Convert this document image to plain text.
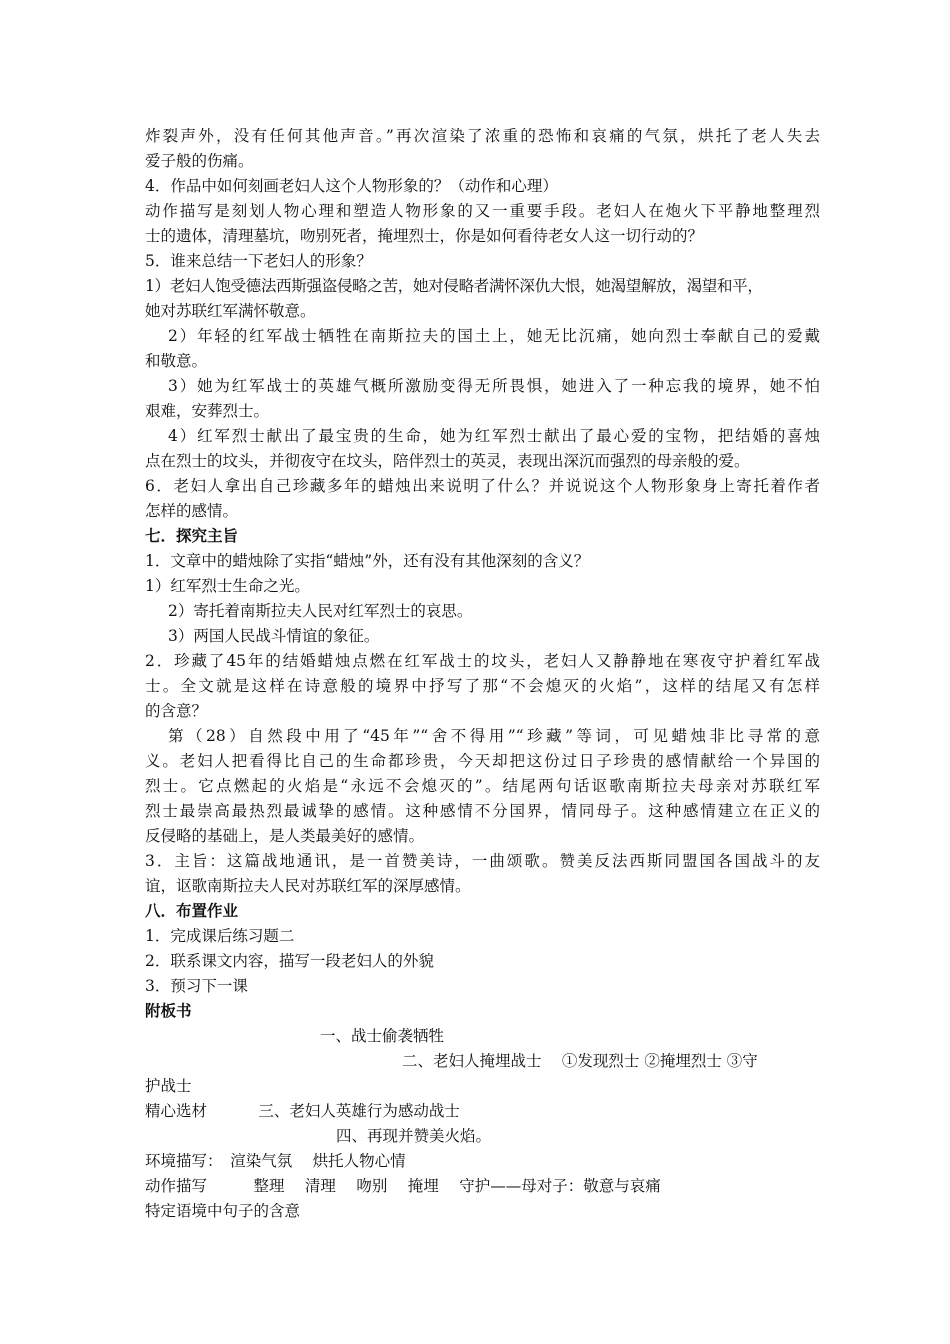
炸裂声外，没有任何其他声音。”再次渲染了浓重的恐怖和哀痛的气氛，烘托了老人失去
爱子般的伤痛。
4．作品中如何刻画老妇人这个人物形象的？（动作和心理）
动作描写是刻划人物心理和塑造人物形象的又一重要手段。老妇人在炮火下平静地整理烈
士的遗体，清理墓坑，吻别死者，掩埋烈士，你是如何看待老女人这一切行动的？
5．谁来总结一下老妇人的形象？
1）老妇人饱受德法西斯强盗侵略之苦，她对侵略者满怀深仇大恨，她渴望解放，渴望和平，
她对苏联红军满怀敬意。
2）年轻的红军战士牺牲在南斯拉夫的国土上，她无比沉痛，她向烈士奉献自己的爱戴
和敬意。
3）她为红军战士的英雄气概所激励变得无所畏惧，她进入了一种忘我的境界，她不怕
艰难，安葬烈士。
4）红军烈士献出了最宝贵的生命，她为红军烈士献出了最心爱的宝物，把结婚的喜烛
点在烈士的坟头，并彻夜守在坟头，陪伴烈士的英灵，表现出深沉而强烈的母亲般的爱。
6．老妇人拿出自己珍藏多年的蜡烛出来说明了什么？并说说这个人物形象身上寄托着作者
怎样的感情。
七．探究主旨
1．文章中的蜡烛除了实指“蜡烛”外，还有没有其他深刻的含义？
1）红军烈士生命之光。
2）寄托着南斯拉夫人民对红军烈士的哀思。
3）两国人民战斗情谊的象征。
2．珍藏了45年的结婚蜡烛点燃在红军战士的坟头，老妇人又静静地在寒夜守护着红军战
士。全文就是这样在诗意般的境界中抒写了那“不会熄灭的火焰”，这样的结尾又有怎样
的含意？
第（28）自然段中用了“45年”“舍不得用”“珍藏”等词，可见蜡烛非比寻常的意
义。老妇人把看得比自己的生命都珍贵，今天却把这份过日子珍贵的感情献给一个异国的
烈士。它点燃起的火焰是“永远不会熄灭的”。结尾两句话讴歌南斯拉夫母亲对苏联红军
烈士最崇高最热烈最诚挚的感情。这种感情不分国界，情同母子。这种感情建立在正义的
反侵略的基础上，是人类最美好的感情。
3．主旨：这篇战地通讯，是一首赞美诗，一曲颂歌。赞美反法西斯同盟国各国战斗的友
谊，讴歌南斯拉夫人民对苏联红军的深厚感情。
八．布置作业
1．完成课后练习题二
2．联系课文内容，描写一段老妇人的外貌
3．预习下一课
附板书
一、战士偷袭牺牲
二、老妇人掩埋战士　 ①发现烈士 ②掩埋烈士 ③守
护战士
精心选材　　　 三、老妇人英雄行为感动战士
四、再现并赞美火焰。
环境描写：　渲染气氛　 烘托人物心情
动作描写　　　整理　 清理　 吻别　 掩埋　 守护——母对子：敬意与哀痛
特定语境中句子的含意
